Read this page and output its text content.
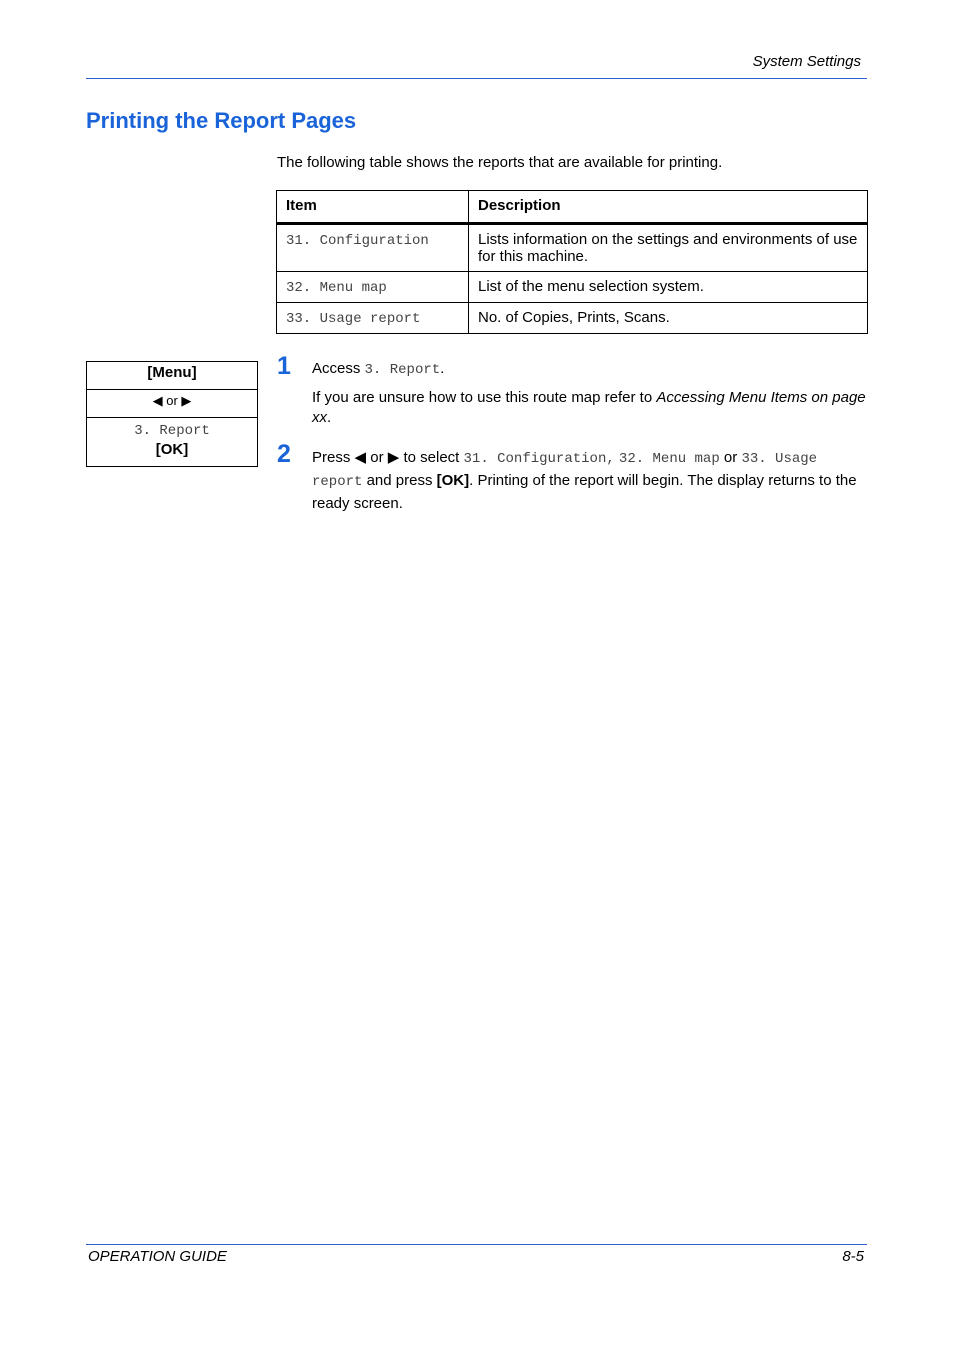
System Settings
Printing the Report Pages
The following table shows the reports that are available for printing.
Item	Description
31. Configuration	Lists information on the settings and environments of use for this machine.
32. Menu map	List of the menu selection system.
33. Usage report	No. of Copies, Prints, Scans.
[Menu]
◀ or ▶
3. Report
[OK]
1 Access 3. Report.
If you are unsure how to use this route map refer to Accessing Menu Items on page xx.
2 Press ◀ or ▶ to select 31. Configuration, 32. Menu map or 33. Usage report and press [OK]. Printing of the report will begin. The display returns to the ready screen.
OPERATION GUIDE	8-5
